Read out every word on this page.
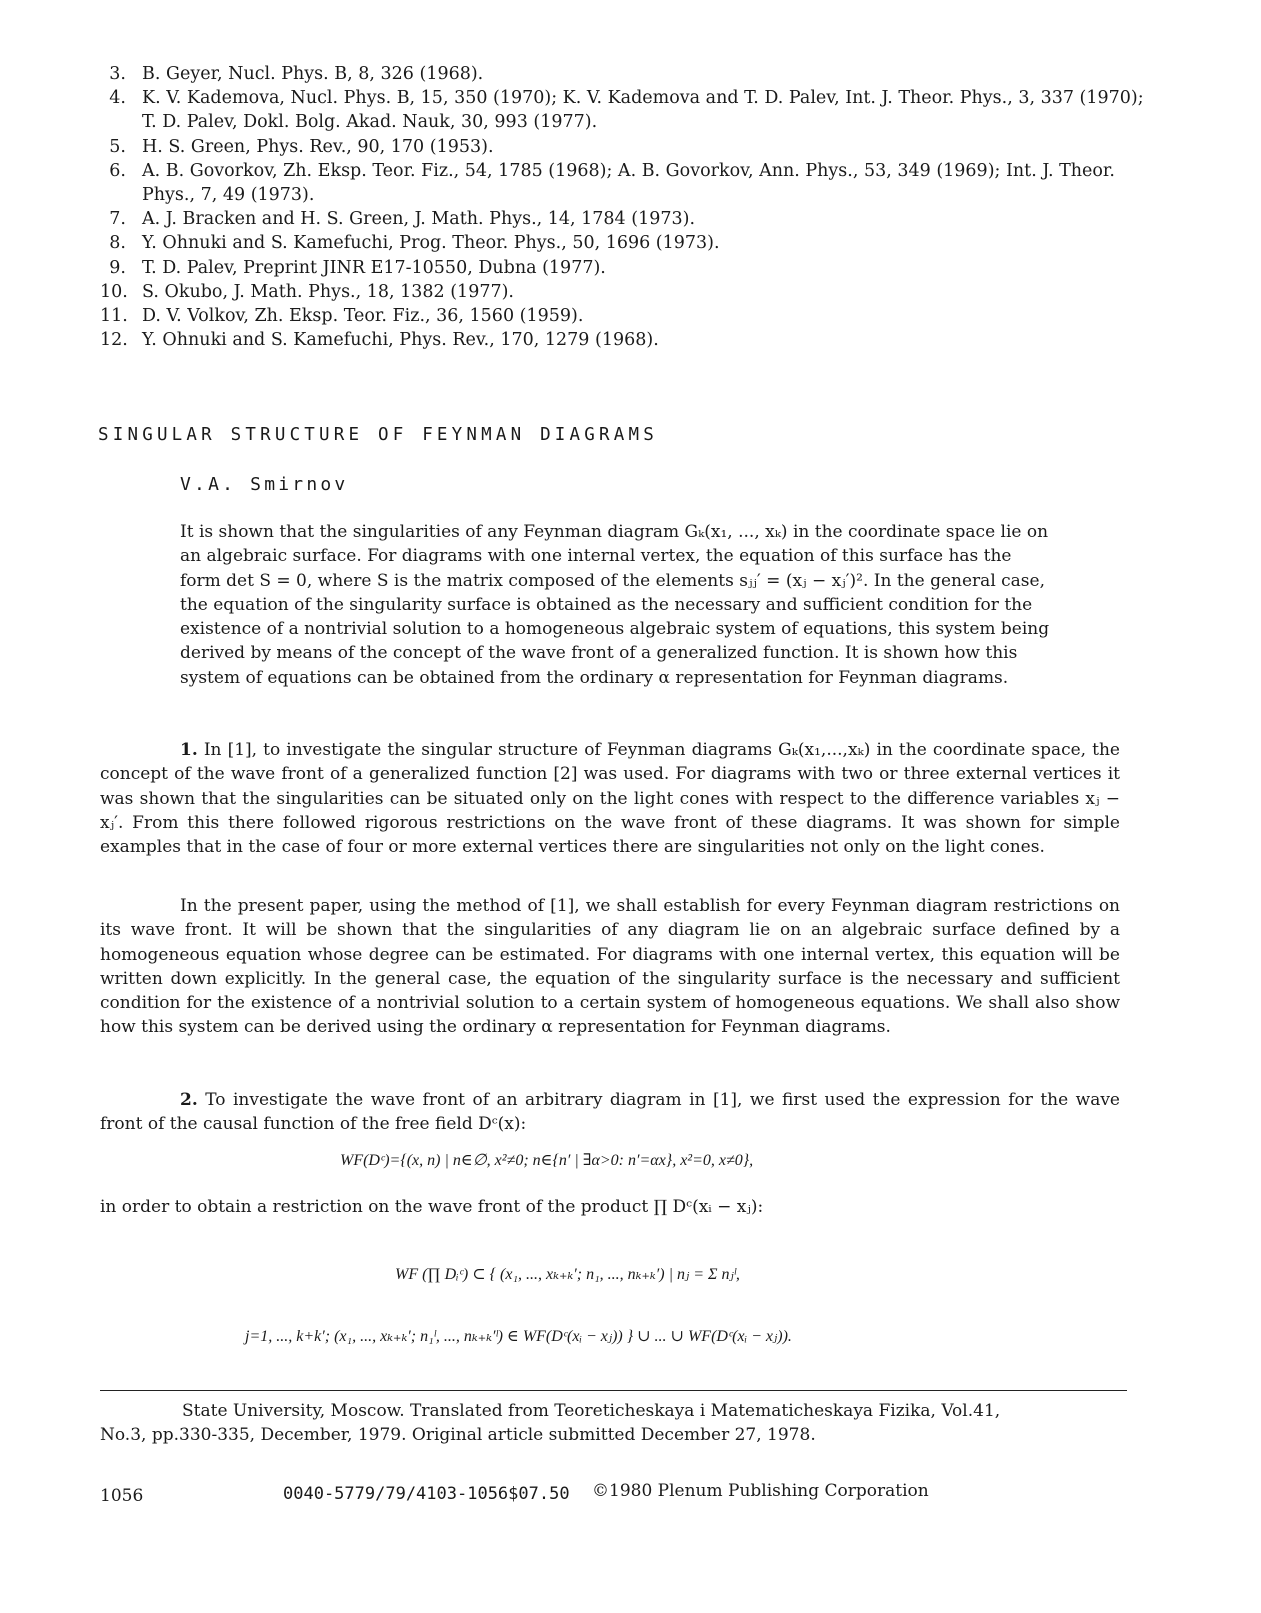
3. B. Geyer, Nucl. Phys. B, 8, 326 (1968).
4. K. V. Kademova, Nucl. Phys. B, 15, 350 (1970); K. V. Kademova and T. D. Palev, Int. J. Theor. Phys., 3, 337 (1970); T. D. Palev, Dokl. Bolg. Akad. Nauk, 30, 993 (1977).
5. H. S. Green, Phys. Rev., 90, 170 (1953).
6. A. B. Govorkov, Zh. Eksp. Teor. Fiz., 54, 1785 (1968); A. B. Govorkov, Ann. Phys., 53, 349 (1969); Int. J. Theor. Phys., 7, 49 (1973).
7. A. J. Bracken and H. S. Green, J. Math. Phys., 14, 1784 (1973).
8. Y. Ohnuki and S. Kamefuchi, Prog. Theor. Phys., 50, 1696 (1973).
9. T. D. Palev, Preprint JINR E17-10550, Dubna (1977).
10. S. Okubo, J. Math. Phys., 18, 1382 (1977).
11. D. V. Volkov, Zh. Eksp. Teor. Fiz., 36, 1560 (1959).
12. Y. Ohnuki and S. Kamefuchi, Phys. Rev., 170, 1279 (1968).
SINGULAR STRUCTURE OF FEYNMAN DIAGRAMS
V.A. Smirnov
It is shown that the singularities of any Feynman diagram Gₖ(x₁, ..., xₖ) in the coordinate space lie on an algebraic surface. For diagrams with one internal vertex, the equation of this surface has the form det S = 0, where S is the matrix composed of the elements sⱼⱼ′ = (xⱼ − xⱼ′)². In the general case, the equation of the singularity surface is obtained as the necessary and sufficient condition for the existence of a nontrivial solution to a homogeneous algebraic system of equations, this system being derived by means of the concept of the wave front of a generalized function. It is shown how this system of equations can be obtained from the ordinary α representation for Feynman diagrams.
1. In [1], to investigate the singular structure of Feynman diagrams Gₖ(x₁,...,xₖ) in the coordinate space, the concept of the wave front of a generalized function [2] was used. For diagrams with two or three external vertices it was shown that the singularities can be situated only on the light cones with respect to the difference variables xⱼ − xⱼ′. From this there followed rigorous restrictions on the wave front of these diagrams. It was shown for simple examples that in the case of four or more external vertices there are singularities not only on the light cones.
In the present paper, using the method of [1], we shall establish for every Feynman diagram restrictions on its wave front. It will be shown that the singularities of any diagram lie on an algebraic surface defined by a homogeneous equation whose degree can be estimated. For diagrams with one internal vertex, this equation will be written down explicitly. In the general case, the equation of the singularity surface is the necessary and sufficient condition for the existence of a nontrivial solution to a certain system of homogeneous equations. We shall also show how this system can be derived using the ordinary α representation for Feynman diagrams.
2. To investigate the wave front of an arbitrary diagram in [1], we first used the expression for the wave front of the causal function of the free field Dᶜ(x):
WF(Dᶜ)={(x, n) | n∈∅, x²≠0; n∈{n′ | ∃α>0: n′=αx}, x²=0, x≠0},
in order to obtain a restriction on the wave front of the product ∏ Dᶜ(xᵢ − xⱼ):
WF (∏ Dᵢᶜ) ⊂ { (x₁, ..., xₖ₊ₖ′; n₁, ..., nₖ₊ₖ′) | nⱼ = Σ nⱼˡ,
j=1, ..., k+k′; (x₁, ..., xₖ₊ₖ′; n₁ˡ, ..., nₖ₊ₖ′ˡ) ∈ WF(Dᶜ(xᵢ − xⱼ)) } ∪ ... ∪ WF(Dᶜ(xᵢ − xⱼ)).
State University, Moscow. Translated from Teoreticheskaya i Matematicheskaya Fizika, Vol.41,
No.3, pp.330-335, December, 1979. Original article submitted December 27, 1978.
1056	0040-5779/79/4103-1056$07.50 ©1980 Plenum Publishing Corporation
